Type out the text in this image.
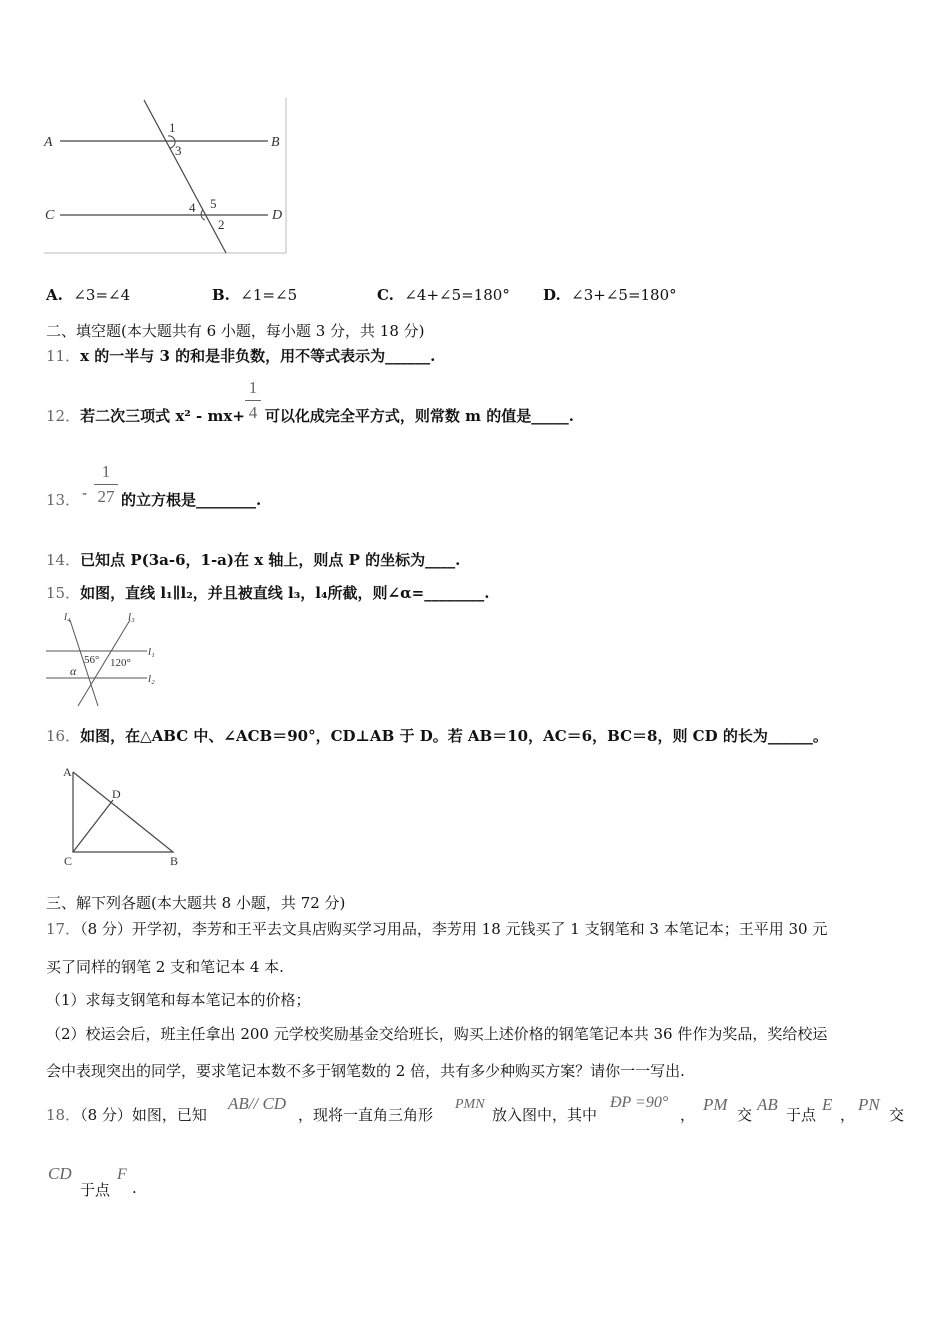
A	B
C	D
1
3
4 5
2
A. ∠3=∠4	B. ∠1=∠5	C. ∠4+∠5=180° D. ∠3+∠5=180°
二、填空题(本大题共有 6 小题，每小题 3 分，共 18 分)
11．x 的一半与 3 的和是非负数，用不等式表示为______.
12．若二次三项式 x² - mx+ 可以化成完全平方式，则常数 m 的值是_____.
1
4
13． -
1
27 的立方根是________.
14．已知点 P(3a-6，1-a)在 x 轴上，则点 P 的坐标为____.
15．如图，直线 l₁∥l₂，并且被直线 l₃，l₄所截，则∠α=________.
l₄	l₃
l₁
l₂
56° 120°
α
16．如图，在△ABC 中、∠ACB＝90°，CD⊥AB 于 D。若 AB＝10，AC＝6，BC＝8，则 CD 的长为______。
A
D
C	B
三、解下列各题(本大题共 8 小题，共 72 分)
17．（8 分）开学初，李芳和王平去文具店购买学习用品，李芳用 18 元钱买了 1 支钢笔和 3 本笔记本；王平用 30 元
买了同样的钢笔 2 支和笔记本 4 本.
（1）求每支钢笔和每本笔记本的价格；
（2）校运会后，班主任拿出 200 元学校奖励基金交给班长，购买上述价格的钢笔笔记本共 36 件作为奖品，奖给校运
会中表现突出的同学，要求笔记本数不多于钢笔数的 2 倍，共有多少种购买方案？请你一一写出.
18．（8 分）如图，已知
AB// CD
，现将一直角三角形
PMN
放入图中，其中
ÐP =90°
，
PM
交
AB
于点
E
，
PN
交
CD
于点
F
.
